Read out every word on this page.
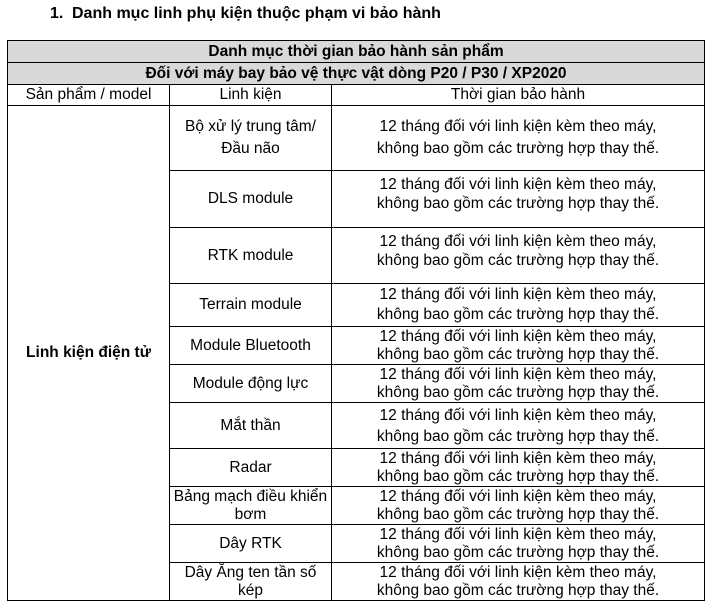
1. Danh mục linh phụ kiện thuộc phạm vi bảo hành
Danh mục thời gian bảo hành sản phẩm		
Đối với máy bay bảo vệ thực vật dòng P20 / P30 / XP2020		
Sản phẩm / model	Linh kiện	Thời gian bảo hành
Linh kiện điện tử	Bộ xử lý trung tâm/ Đầu não	12 tháng đối với linh kiện kèm theo máy,
không bao gồm các trường hợp thay thế.
	DLS module	12 tháng đối với linh kiện kèm theo máy,
không bao gồm các trường hợp thay thế.
	RTK module	12 tháng đối với linh kiện kèm theo máy,
không bao gồm các trường hợp thay thế.
	Terrain module	12 tháng đối với linh kiện kèm theo máy,
không bao gồm các trường hợp thay thế.
	Module Bluetooth	12 tháng đối với linh kiện kèm theo máy,
không bao gồm các trường hợp thay thế.
	Module động lực	12 tháng đối với linh kiện kèm theo máy,
không bao gồm các trường hợp thay thế.
	Mắt thần	12 tháng đối với linh kiện kèm theo máy,
không bao gồm các trường hợp thay thế.
	Radar	12 tháng đối với linh kiện kèm theo máy,
không bao gồm các trường hợp thay thế.
	Bảng mạch điều khiển bơm	12 tháng đối với linh kiện kèm theo máy,
không bao gồm các trường hợp thay thế.
	Dây RTK	12 tháng đối với linh kiện kèm theo máy,
không bao gồm các trường hợp thay thế.
	Dây Ăng ten tần số kép	12 tháng đối với linh kiện kèm theo máy,
không bao gồm các trường hợp thay thế.
